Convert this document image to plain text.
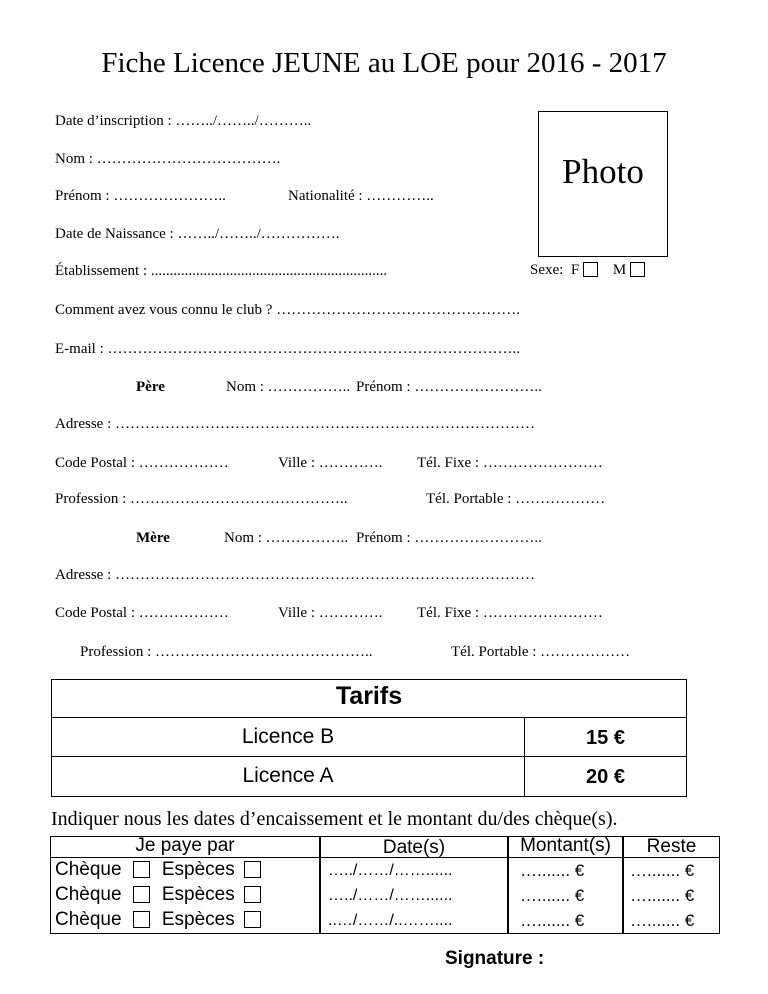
Fiche Licence JEUNE au LOE pour 2016 - 2017
Date d’inscription : ……../……../………..
Nom : ……………………………….
Prénom : …………………..	Nationalité : …………..
Date de Naissance : ……../……../…………….
Établissement : ...............................................................
Photo
Sexe: F M
Comment avez vous connu le club ? ………………………………………….
E-mail : ………………………………………………………………………..
Père	Nom : …………….. Prénom : ……………………..
Adresse : …………………………………………………………………………
Code Postal : ………………	Ville : …………. Tél. Fixe : ……………………
Profession : ……………………………………..	Tél. Portable : ………………
Mère	Nom : …………….. Prénom : ……………………..
Adresse : …………………………………………………………………………
Code Postal : ………………	Ville : …………. Tél. Fixe : ……………………
Profession : ……………………………………..	Tél. Portable : ………………
Tarifs
Licence B	15 €
Licence A	20 €
Indiquer nous les dates d’encaissement et le montant du/des chèque(s).
Je paye par	Date(s)	Montant(s)	Reste
Chèque Espèces	…../……/……......	…....... €	…....... €
Chèque Espèces	…../……/……......	…....... €	…....... €
Chèque Espèces	..…/……/..……....	…....... €	…....... €
Signature :
